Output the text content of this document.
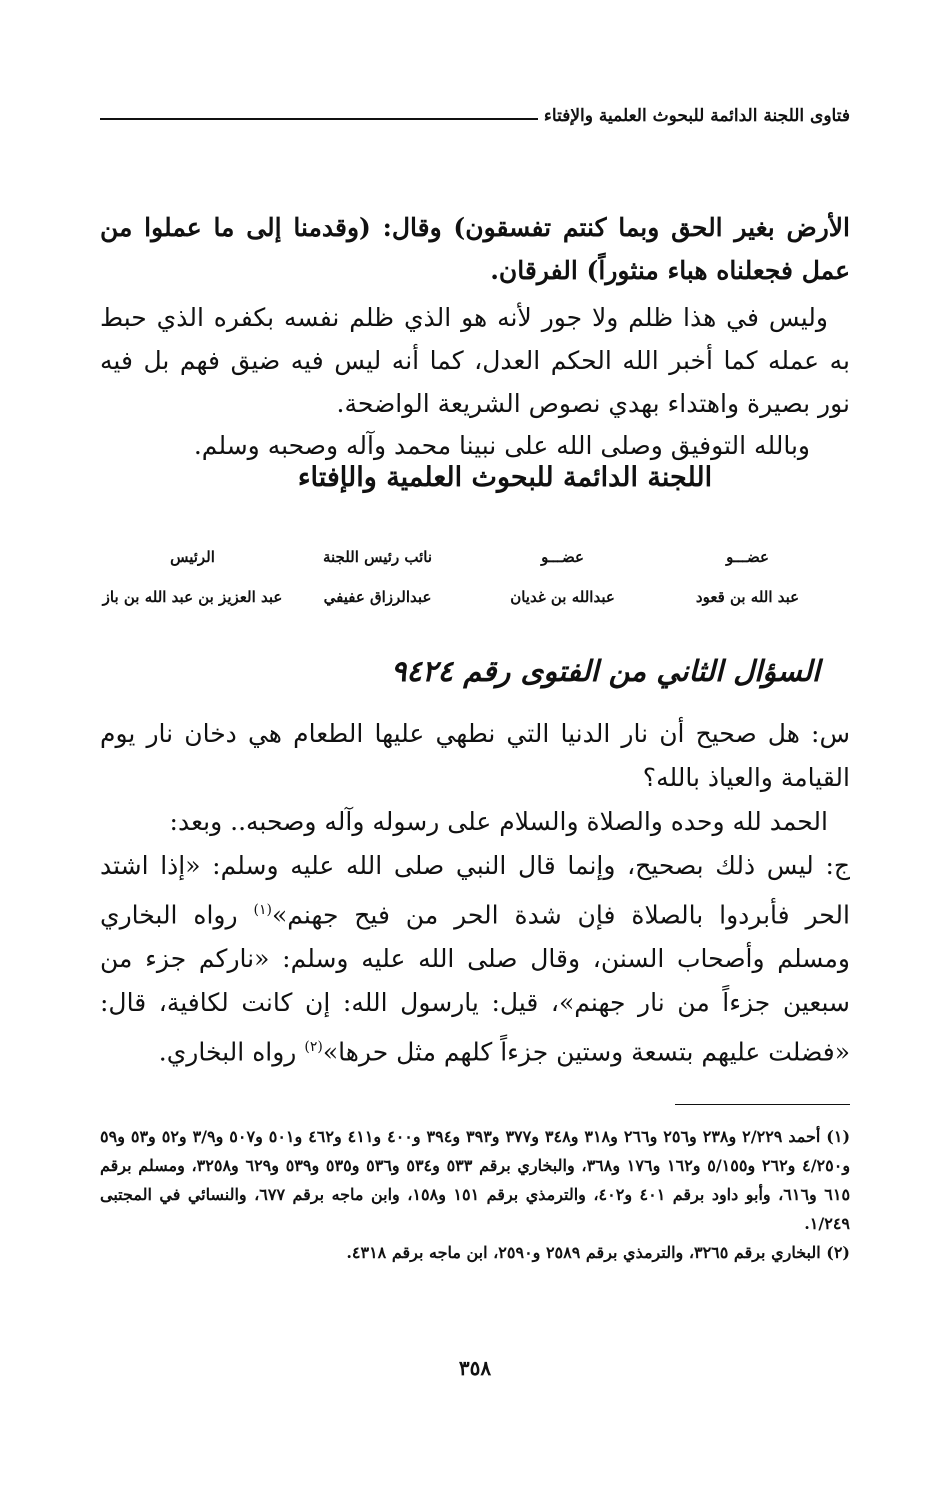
فتاوى اللجنة الدائمة للبحوث العلمية والإفتاء
الأرض بغير الحق وبما كنتم تفسقون) وقال: (وقدمنا إلى ما عملوا من عمل فجعلناه هباء منثوراً) الفرقان.
وليس في هذا ظلم ولا جور لأنه هو الذي ظلم نفسه بكفره الذي حبط به عمله كما أخبر الله الحكم العدل، كما أنه ليس فيه ضيق فهم بل فيه نور بصيرة واهتداء بهدي نصوص الشريعة الواضحة.
وبالله التوفيق وصلى الله على نبينا محمد وآله وصحبه وسلم.
اللجنة الدائمة للبحوث العلمية والإفتاء
عضـــو
عبد الله بن قعود
عضـــو
عبدالله بن غديان
نائب رئيس اللجنة
عبدالرزاق عفيفي
الرئيس
عبد العزيز بن عبد الله بن باز
السؤال الثاني من الفتوى رقم ٩٤٢٤

س: هل صحيح أن نار الدنيا التي نطهي عليها الطعام هي دخان نار يوم القيامة والعياذ بالله؟

الحمد لله وحده والصلاة والسلام على رسوله وآله وصحبه.. وبعد:

ج: ليس ذلك بصحيح، وإنما قال النبي صلى الله عليه وسلم: «إذا اشتد الحر فأبردوا بالصلاة فإن شدة الحر من فيح جهنم»$^{(١)}$ رواه البخاري ومسلم وأصحاب السنن، وقال صلى الله عليه وسلم: «ناركم جزء من سبعين جزءاً من نار جهنم»، قيل: يارسول الله: إن كانت لكافية، قال: «فضلت عليهم بتسعة وستين جزءاً كلهم مثل حرها»$^{(٢)}$ رواه البخاري.

(١) أحمد ٢/٢٢٩ و٢٣٨ و٢٥٦ و٢٦٦ و٣١٨ و٣٤٨ و٣٧٧ و٣٩٣ و٣٩٤ و٤٠٠ و٤١١ و٤٦٢ و٥٠١ و٥٠٧ و٣/٩ و٥٢ و٥٣ و٥٩ و٤/٢٥٠ و٢٦٢ و٥/١٥٥ و١٦٢ و١٧٦ و٣٦٨، والبخاري برقم ٥٣٣ و٥٣٤ و٥٣٦ و٥٣٥ و٥٣٩ و٦٢٩ و٣٢٥٨، ومسلم برقم ٦١٥ و٦١٦، وأبو داود برقم ٤٠١ و٤٠٢، والترمذي برقم ١٥١ و١٥٨، وابن ماجه برقم ٦٧٧، والنسائي في المجتبى ١/٢٤٩.

(٢) البخاري برقم ٣٢٦٥، والترمذي برقم ٢٥٨٩ و٢٥٩٠، ابن ماجه برقم ٤٣١٨.

٣٥٨
